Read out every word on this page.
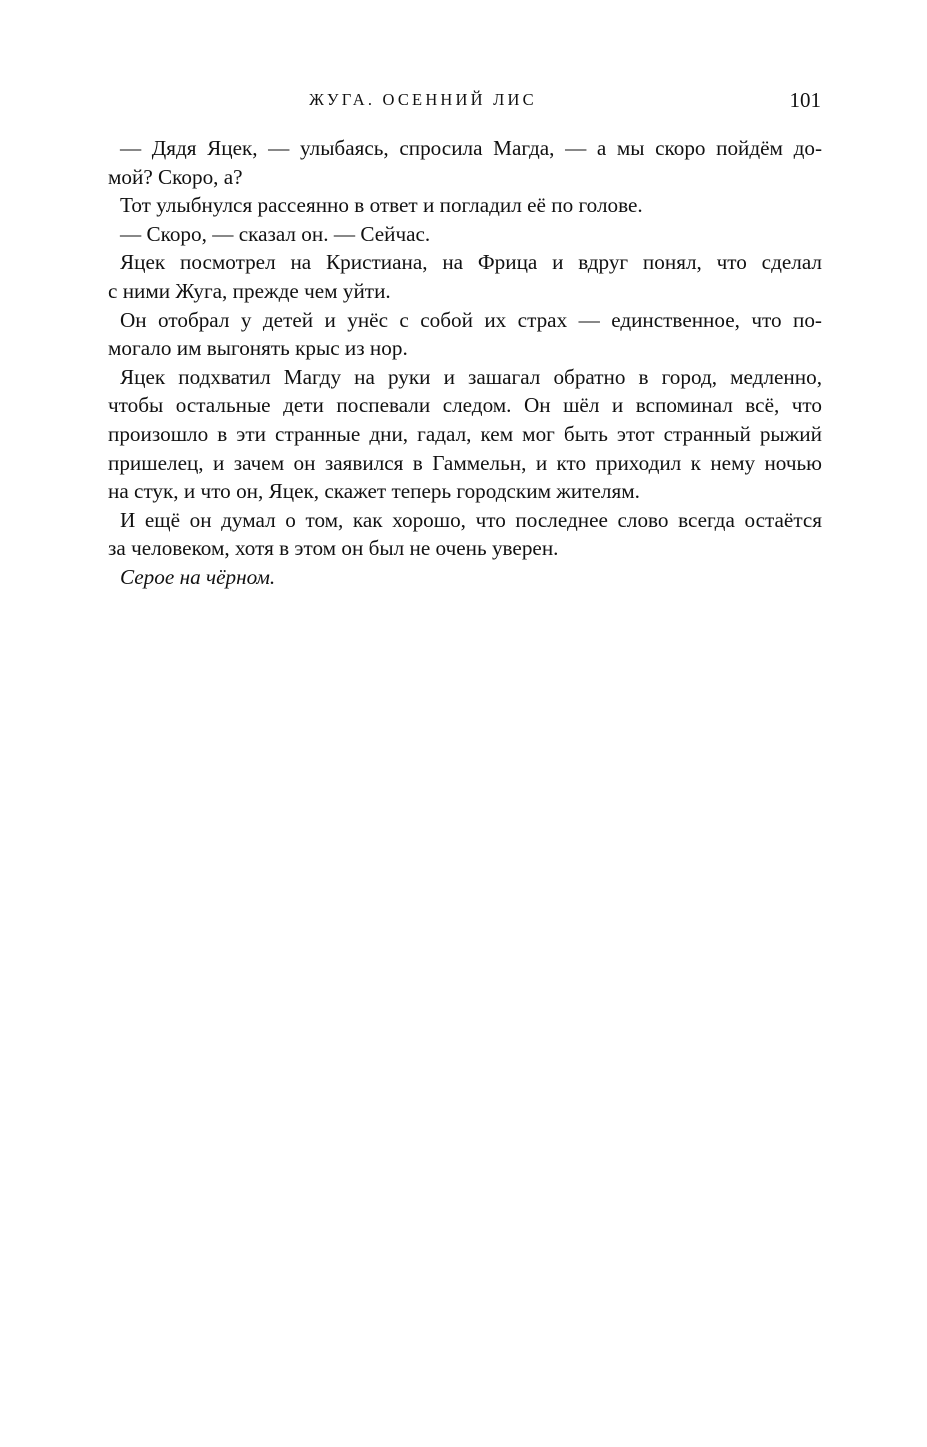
ЖУГА. ОСЕННИЙ ЛИС	101
— Дядя Яцек, — улыбаясь, спросила Магда, — а мы скоро пойдём до-
мой? Скоро, а?
Тот улыбнулся рассеянно в ответ и погладил её по голове.
— Скоро, — сказал он. — Сейчас.
Яцек посмотрел на Кристиана, на Фрица и вдруг понял, что сделал
с ними Жуга, прежде чем уйти.
Он отобрал у детей и унёс с собой их страх — единственное, что по-
могало им выгонять крыс из нор.
Яцек подхватил Магду на руки и зашагал обратно в город, медленно,
чтобы остальные дети поспевали следом. Он шёл и вспоминал всё, что
произошло в эти странные дни, гадал, кем мог быть этот странный рыжий
пришелец, и зачем он заявился в Гаммельн, и кто приходил к нему ночью
на стук, и что он, Яцек, скажет теперь городским жителям.
И ещё он думал о том, как хорошо, что последнее слово всегда остаётся
за человеком, хотя в этом он был не очень уверен.
Серое на чёрном.
